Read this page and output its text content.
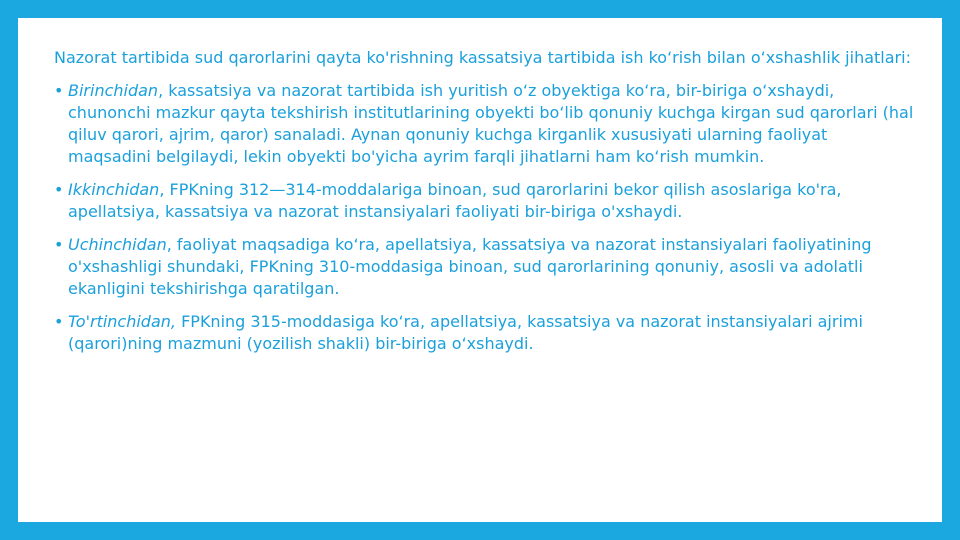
Nazorat tartibida sud qarorlarini qayta ko'rishning kassatsiya tartibida ish ko‘rish bilan o‘xshashlik jihatlari:
• Birinchidan, kassatsiya va nazorat tartibida ish yuritish o‘z obyektiga ko‘ra, bir-biriga o‘xshaydi, chunonchi mazkur qayta tekshirish institutlarining obyekti bo‘lib qonuniy kuchga kirgan sud qarorlari (hal qiluv qarori, ajrim, qaror) sanaladi. Aynan qonuniy kuchga kirganlik xususiyati ularning faoliyat maqsadini belgilaydi, lekin obyekti bo'yicha ayrim farqli jihatlarni ham ko‘rish mumkin.
• Ikkinchidan, FPKning 312—314-moddalariga binoan, sud qarorlarini bekor qilish asoslariga ko'ra, apellatsiya, kassatsiya va nazorat instansiyalari faoliyati bir-biriga o'xshaydi.
• Uchinchidan, faoliyat maqsadiga ko‘ra, apellatsiya, kassatsiya va nazorat instansiyalari faoliyatining o'xshashligi shundaki, FPKning 310-moddasiga binoan, sud qarorlarining qonuniy, asosli va adolatli ekanligini tekshirishga qaratilgan.
• To'rtinchidan, FPKning 315-moddasiga ko‘ra, apellatsiya, kassatsiya va nazorat instansiyalari ajrimi (qarori)ning mazmuni (yozilish shakli) bir-biriga o‘xshaydi.
